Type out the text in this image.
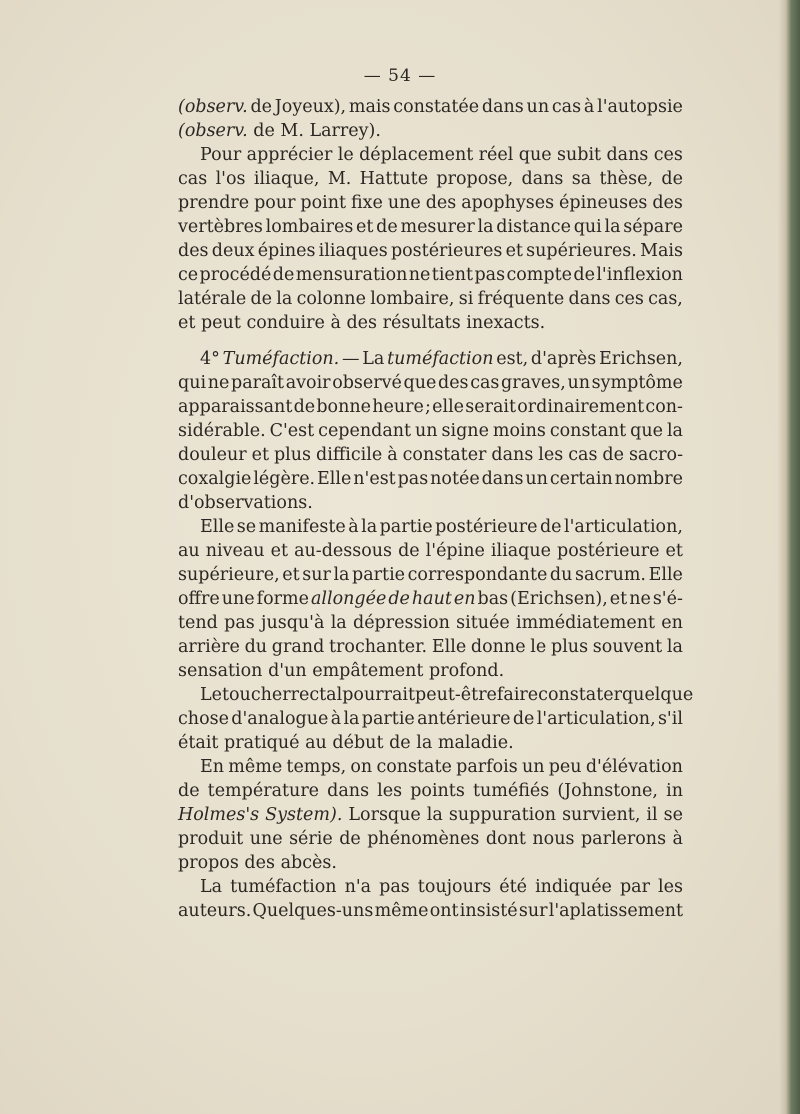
— 54 —
(observ. de Joyeux), mais constatée dans un cas à l'autopsie
(observ. de M. Larrey).
Pour apprécier le déplacement réel que subit dans ces
cas l'os iliaque, M. Hattute propose, dans sa thèse, de
prendre pour point fixe une des apophyses épineuses des
vertèbres lombaires et de mesurer la distance qui la sépare
des deux épines iliaques postérieures et supérieures. Mais
ce procédé de mensuration ne tient pas compte de l'inflexion
latérale de la colonne lombaire, si fréquente dans ces cas,
et peut conduire à des résultats inexacts.
4° Tuméfaction. — La tuméfaction est, d'après Erichsen,
qui ne paraît avoir observé que des cas graves, un symptôme
apparaissant de bonne heure ; elle serait ordinairement con-
sidérable. C'est cependant un signe moins constant que la
douleur et plus difficile à constater dans les cas de sacro-
coxalgie légère. Elle n'est pas notée dans un certain nombre
d'observations.
Elle se manifeste à la partie postérieure de l'articulation,
au niveau et au-dessous de l'épine iliaque postérieure et
supérieure, et sur la partie correspondante du sacrum. Elle
offre une forme allongée de haut en bas (Erichsen), et ne s'é-
tend pas jusqu'à la dépression située immédiatement en
arrière du grand trochanter. Elle donne le plus souvent la
sensation d'un empâtement profond.
Le toucher rectal pourrait peut-être faire constater quelque
chose d'analogue à la partie antérieure de l'articulation, s'il
était pratiqué au début de la maladie.
En même temps, on constate parfois un peu d'élévation
de température dans les points tuméfiés (Johnstone, in
Holmes's System). Lorsque la suppuration survient, il se
produit une série de phénomènes dont nous parlerons à
propos des abcès.
La tuméfaction n'a pas toujours été indiquée par les
auteurs. Quelques-uns même ont insisté sur l'aplatissement
